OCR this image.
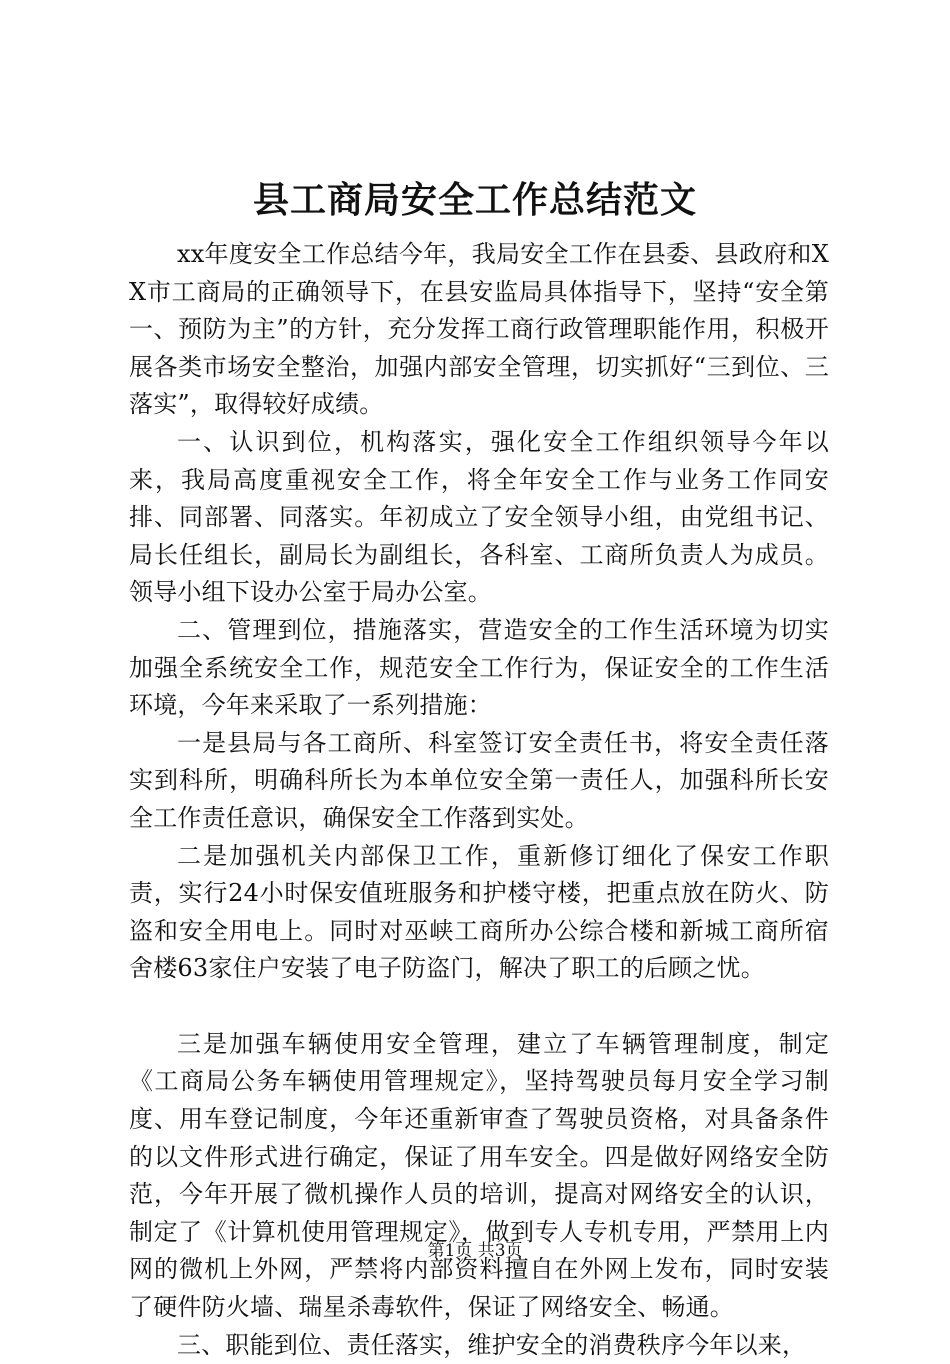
县工商局安全工作总结范文

xx年度安全工作总结今年，我局安全工作在县委、县政府和XX市工商局的正确领导下，在县安监局具体指导下，坚持“安全第一、预防为主”的方针，充分发挥工商行政管理职能作用，积极开展各类市场安全整治，加强内部安全管理，切实抓好“三到位、三落实”，取得较好成绩。

一、认识到位，机构落实，强化安全工作组织领导今年以来，我局高度重视安全工作，将全年安全工作与业务工作同安排、同部署、同落实。年初成立了安全领导小组，由党组书记、局长任组长，副局长为副组长，各科室、工商所负责人为成员。领导小组下设办公室于局办公室。

二、管理到位，措施落实，营造安全的工作生活环境为切实加强全系统安全工作，规范安全工作行为，保证安全的工作生活环境，今年来采取了一系列措施：

一是县局与各工商所、科室签订安全责任书，将安全责任落实到科所，明确科所长为本单位安全第一责任人，加强科所长安全工作责任意识，确保安全工作落到实处。

二是加强机关内部保卫工作，重新修订细化了保安工作职责，实行24小时保安值班服务和护楼守楼，把重点放在防火、防盗和安全用电上。同时对巫峡工商所办公综合楼和新城工商所宿舍楼63家住户安装了电子防盗门，解决了职工的后顾之忧。

三是加强车辆使用安全管理，建立了车辆管理制度，制定《工商局公务车辆使用管理规定》，坚持驾驶员每月安全学习制度、用车登记制度，今年还重新审查了驾驶员资格，对具备条件的以文件形式进行确定，保证了用车安全。四是做好网络安全防范，今年开展了微机操作人员的培训，提高对网络安全的认识，制定了《计算机使用管理规定》，做到专人专机专用，严禁用上内网的微机上外网，严禁将内部资料擅自在外网上发布，同时安装了硬件防火墙、瑞星杀毒软件，保证了网络安全、畅通。

三、职能到位、责任落实，维护安全的消费秩序今年以来，

第1页 共3页
